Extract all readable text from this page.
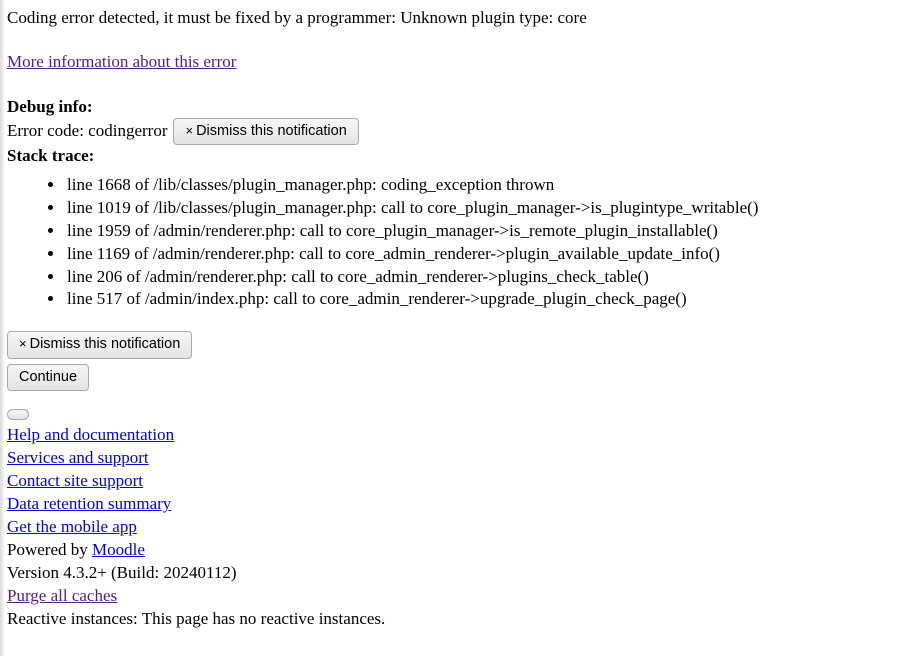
Coding error detected, it must be fixed by a programmer: Unknown plugin type: core

More information about this error
Debug info:
Error code: codingerror	× Dismiss this notification
Stack trace:
• line 1668 of /lib/classes/plugin_manager.php: coding_exception thrown
• line 1019 of /lib/classes/plugin_manager.php: call to core_plugin_manager->is_plugintype_writable()
• line 1959 of /admin/renderer.php: call to core_plugin_manager->is_remote_plugin_installable()
• line 1169 of /admin/renderer.php: call to core_admin_renderer->plugin_available_update_info()
• line 206 of /admin/renderer.php: call to core_admin_renderer->plugins_check_table()
• line 517 of /admin/index.php: call to core_admin_renderer->upgrade_plugin_check_page()
× Dismiss this notification
Continue
Help and documentation
Services and support
Contact site support
Data retention summary
Get the mobile app
Powered by Moodle
Version 4.3.2+ (Build: 20240112)
Purge all caches
Reactive instances: This page has no reactive instances.
